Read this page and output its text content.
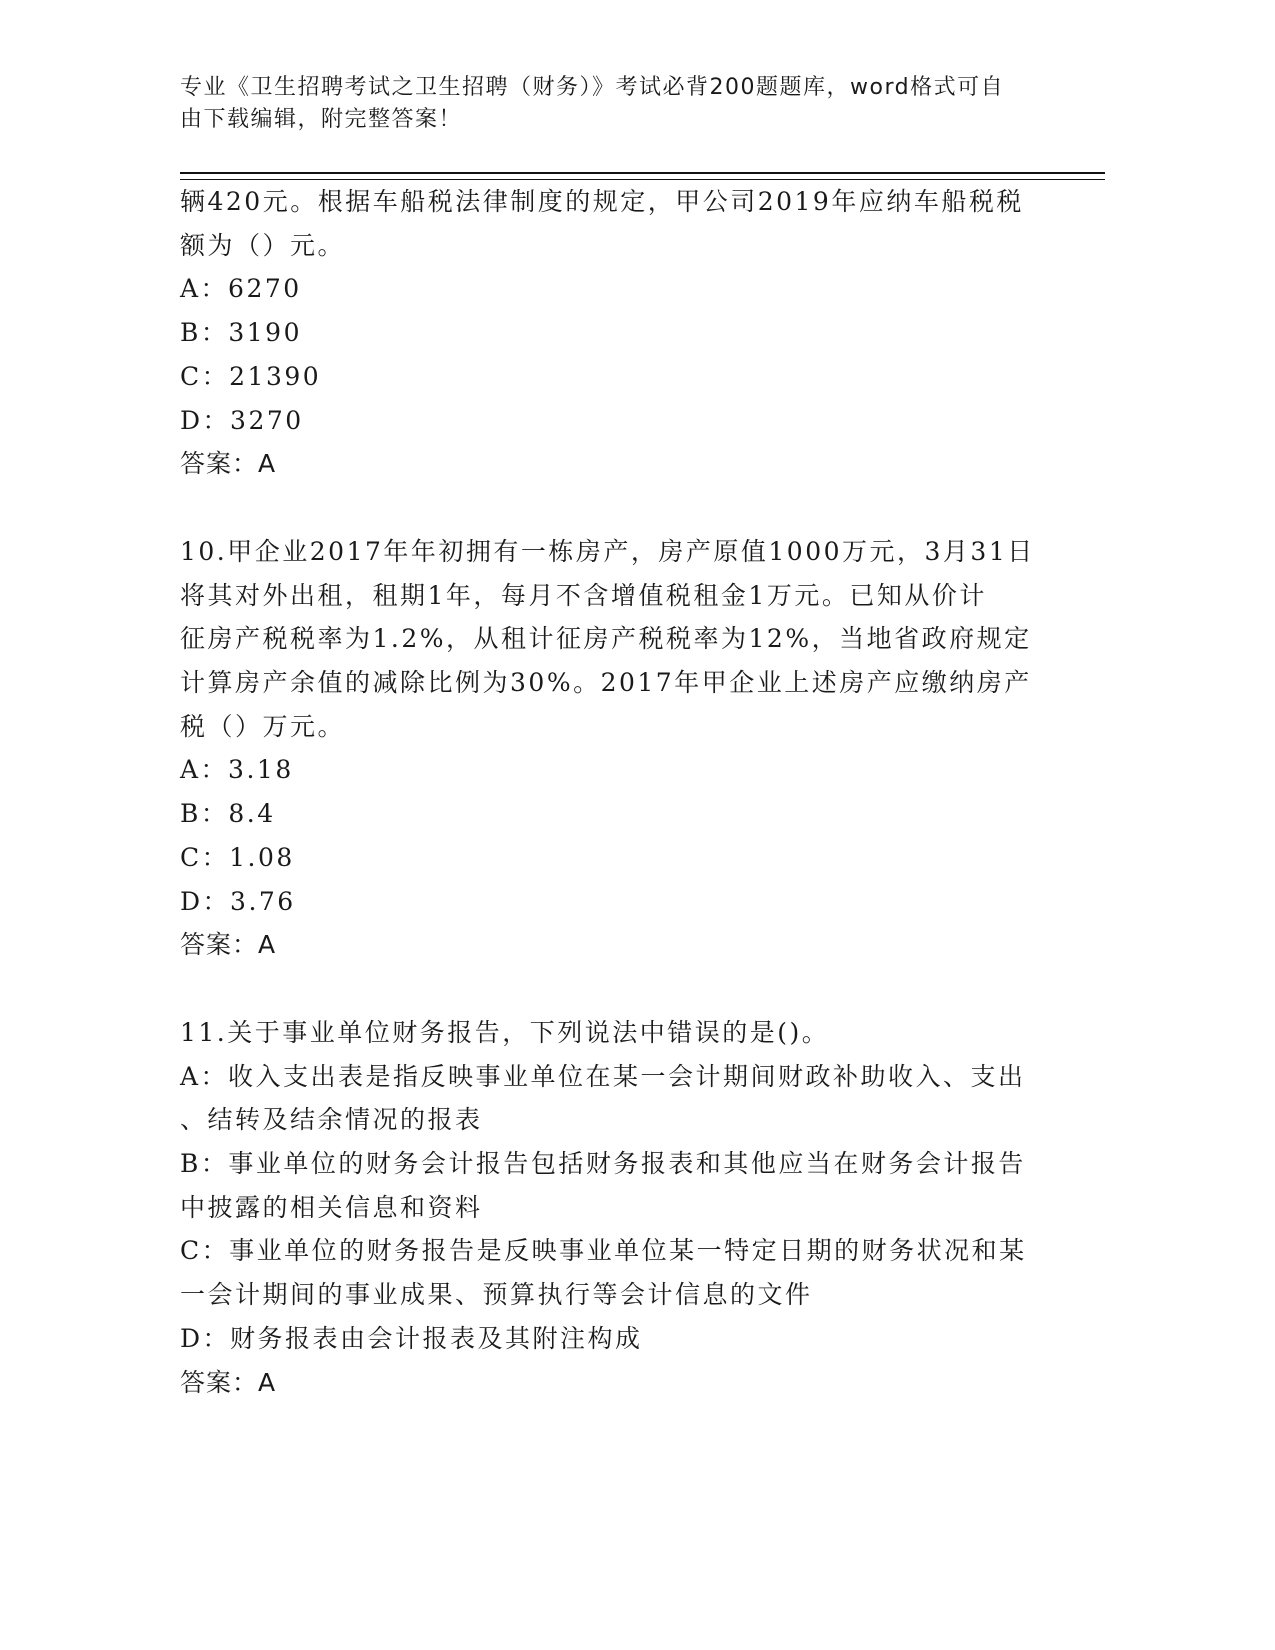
专业《卫生招聘考试之卫生招聘（财务）》考试必背200题题库，word格式可自
由下载编辑，附完整答案！
辆420元。根据车船税法律制度的规定，甲公司2019年应纳车船税税
额为（）元。
A：6270
B：3190
C：21390
D：3270
答案：A
10.甲企业2017年年初拥有一栋房产，房产原值1000万元，3月31日
将其对外出租，租期1年，每月不含增值税租金1万元。已知从价计
征房产税税率为1.2%，从租计征房产税税率为12%，当地省政府规定
计算房产余值的减除比例为30%。2017年甲企业上述房产应缴纳房产
税（）万元。
A：3.18
B：8.4
C：1.08
D：3.76
答案：A
11.关于事业单位财务报告，下列说法中错误的是()。
A：收入支出表是指反映事业单位在某一会计期间财政补助收入、支出
、结转及结余情况的报表
B：事业单位的财务会计报告包括财务报表和其他应当在财务会计报告
中披露的相关信息和资料
C：事业单位的财务报告是反映事业单位某一特定日期的财务状况和某
一会计期间的事业成果、预算执行等会计信息的文件
D：财务报表由会计报表及其附注构成
答案：A
